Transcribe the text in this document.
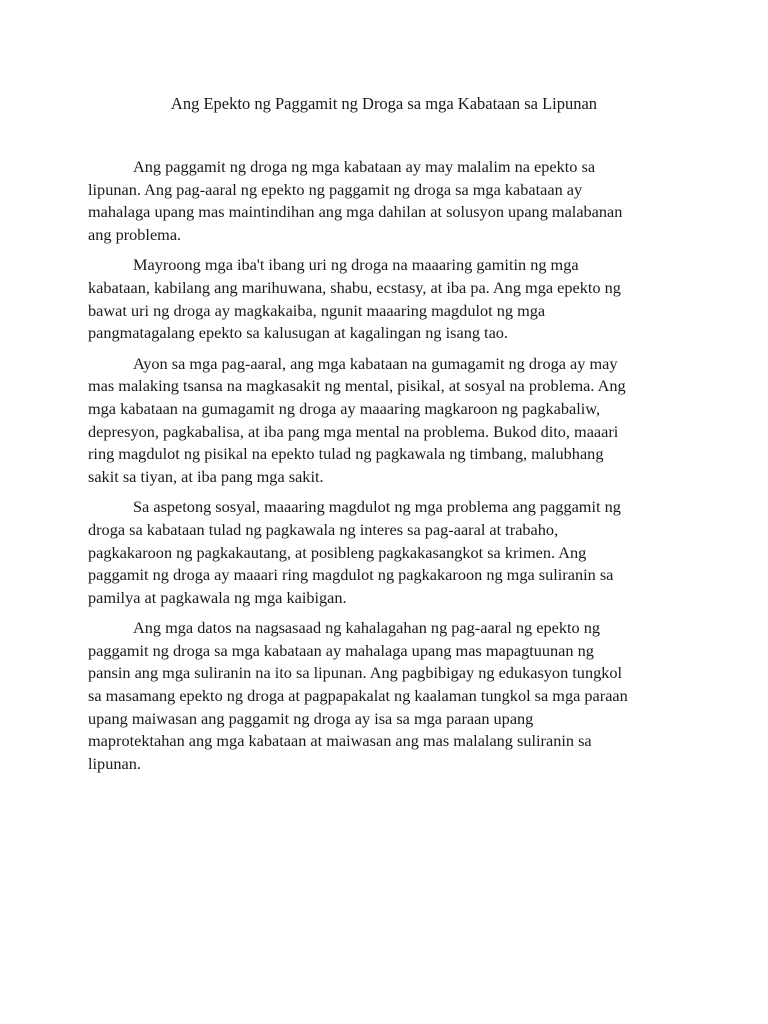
Ang Epekto ng Paggamit ng Droga sa mga Kabataan sa Lipunan

Ang paggamit ng droga ng mga kabataan ay may malalim na epekto sa
lipunan. Ang pag-aaral ng epekto ng paggamit ng droga sa mga kabataan ay
mahalaga upang mas maintindihan ang mga dahilan at solusyon upang malabanan
ang problema.

Mayroong mga iba't ibang uri ng droga na maaaring gamitin ng mga
kabataan, kabilang ang marihuwana, shabu, ecstasy, at iba pa. Ang mga epekto ng
bawat uri ng droga ay magkakaiba, ngunit maaaring magdulot ng mga
pangmatagalang epekto sa kalusugan at kagalingan ng isang tao.

Ayon sa mga pag-aaral, ang mga kabataan na gumagamit ng droga ay may
mas malaking tsansa na magkasakit ng mental, pisikal, at sosyal na problema. Ang
mga kabataan na gumagamit ng droga ay maaaring magkaroon ng pagkabaliw,
depresyon, pagkabalisa, at iba pang mga mental na problema. Bukod dito, maaari
ring magdulot ng pisikal na epekto tulad ng pagkawala ng timbang, malubhang
sakit sa tiyan, at iba pang mga sakit.

Sa aspetong sosyal, maaaring magdulot ng mga problema ang paggamit ng
droga sa kabataan tulad ng pagkawala ng interes sa pag-aaral at trabaho,
pagkakaroon ng pagkakautang, at posibleng pagkakasangkot sa krimen. Ang
paggamit ng droga ay maaari ring magdulot ng pagkakaroon ng mga suliranin sa
pamilya at pagkawala ng mga kaibigan.

Ang mga datos na nagsasaad ng kahalagahan ng pag-aaral ng epekto ng
paggamit ng droga sa mga kabataan ay mahalaga upang mas mapagtuunan ng
pansin ang mga suliranin na ito sa lipunan. Ang pagbibigay ng edukasyon tungkol
sa masamang epekto ng droga at pagpapakalat ng kaalaman tungkol sa mga paraan
upang maiwasan ang paggamit ng droga ay isa sa mga paraan upang
maprotektahan ang mga kabataan at maiwasan ang mas malalang suliranin sa
lipunan.
